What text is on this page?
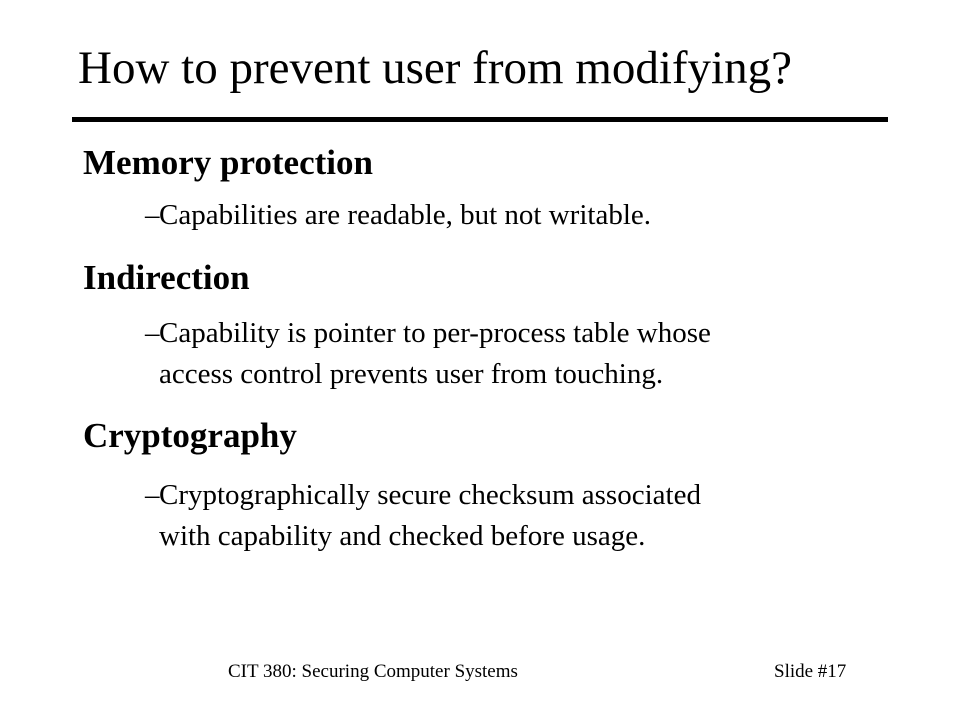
How to prevent user from modifying?
Memory protection
– Capabilities are readable, but not writable.
Indirection
– Capability is pointer to per-process table whose
access control prevents user from touching.
Cryptography
– Cryptographically secure checksum associated
with capability and checked before usage.
CIT 380: Securing Computer Systems	Slide #17
